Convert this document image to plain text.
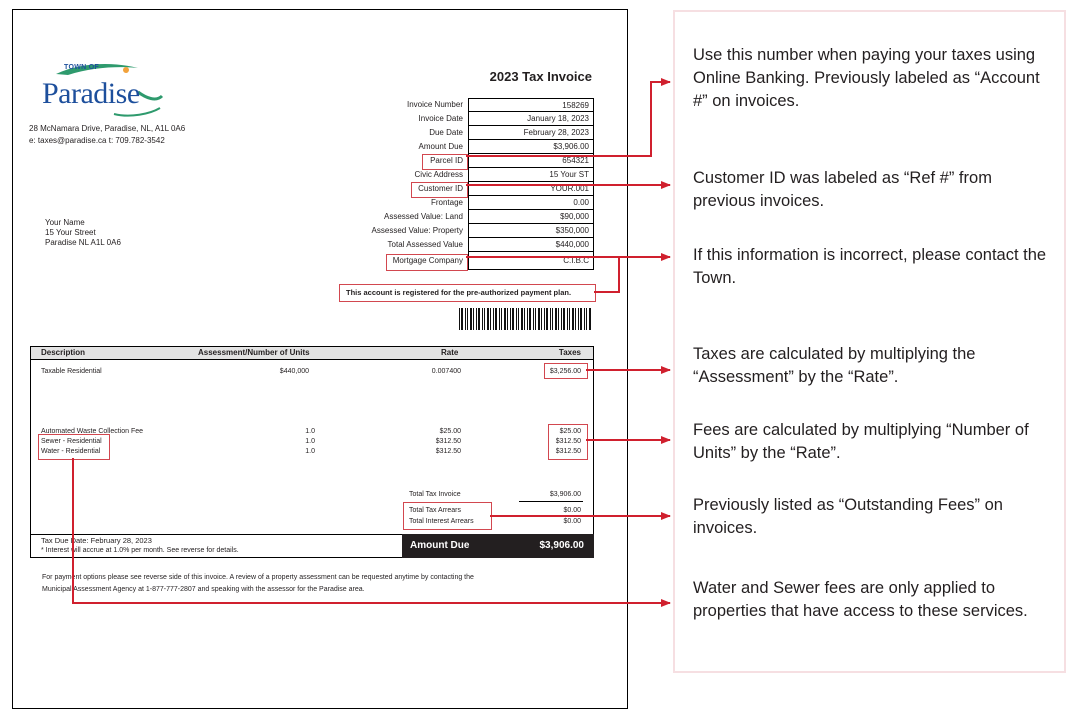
TOWN OF
Paradise
28 McNamara Drive, Paradise, NL, A1L 0A6
e: taxes@paradise.ca t: 709.782-3542
Your Name
15 Your Street
Paradise NL A1L 0A6
2023 Tax Invoice
Invoice Number	158269
Invoice Date	January 18, 2023
Due Date	February 28, 2023
Amount Due	$3,906.00
Parcel ID	654321
Civic Address	15 Your ST
Customer ID	YOUR.001
Frontage	0.00
Assessed Value: Land	$90,000
Assessed Value: Property	$350,000
Total Assessed Value	$440,000
Mortgage Company	C.I.B.C
This account is registered for the pre-authorized payment plan.
Description	Assessment/Number of Units	Rate	Taxes
Taxable Residential	$440,000	0.007400	$3,256.00
Automated Waste Collection Fee	1.0	$25.00	$25.00
Sewer - Residential	1.0	$312.50	$312.50
Water - Residential	1.0	$312.50	$312.50
Total Tax Invoice	$3,906.00
Total Tax Arrears	$0.00
Total Interest Arrears	$0.00
Tax Due Date: February 28, 2023
* Interest will accrue at 1.0% per month. See reverse for details.	Amount Due	$3,906.00
For payment options please see reverse side of this invoice. A review of a property assessment can be requested anytime by contacting the
Municipal Assessment Agency at 1-877-777-2807 and speaking with the assessor for the Paradise area.
Use this number when paying your taxes using Online Banking. Previously labeled as “Account #” on invoices.
Customer ID was labeled as “Ref #” from previous invoices.
If this information is incorrect, please contact the Town.
Taxes are calculated by multiplying the “Assessment” by the “Rate”.
Fees are calculated by multiplying “Number of Units” by the “Rate”.
Previously listed as “Outstanding Fees” on invoices.
Water and Sewer fees are only applied to properties that have access to these services.
